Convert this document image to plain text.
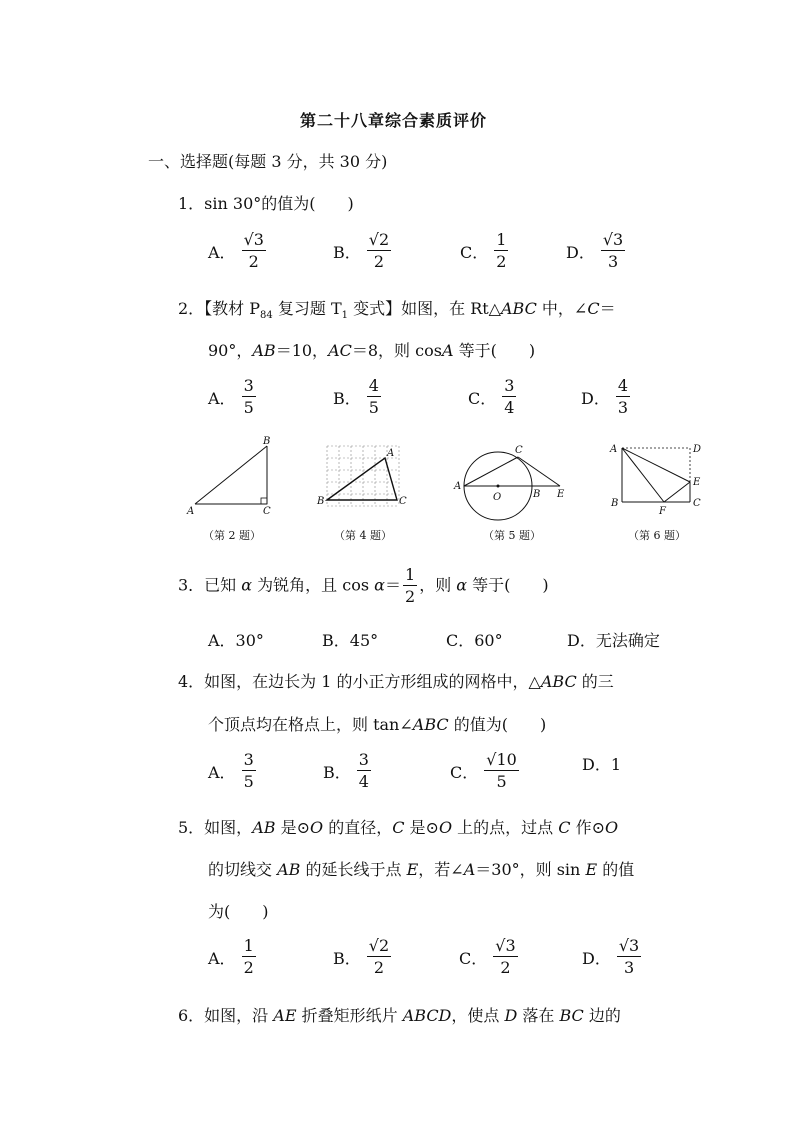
第二十八章综合素质评价
一、选择题(每题 3 分，共 30 分)
1．sin 30°的值为(　　)
A． $\frac{√3}{2}$	B． $\frac{√2}{2}$	C． $\frac{1}{2}$	D． $\frac{√3}{3}$
2．【教材 $P_{84}$ 复习题 $T_1$ 变式】如图，在 Rt△ABC 中，∠C＝
90°，AB＝10，AC＝8，则 cosA 等于(　　)
A． $\frac{3}{5}$	B． $\frac{4}{5}$	C． $\frac{3}{4}$	D． $\frac{4}{3}$
A	C
B
（第 2 题）
B
A
C
（第 4 题）
A
O	B E
C
（第 5 题）
A	D
E
C
B
F
（第 6 题）
3．已知 α 为锐角，且 $\cos \alpha= \frac{1}{2}$ ，则 α 等于(　　)
A．30°	B．45°	C．60°	D．无法确定
4．如图，在边长为 1 的小正方形组成的网格中，△ABC 的三
个顶点均在格点上，则 tan∠ABC 的值为(　　)
A． $\frac{3}{5}$	B． $\frac{3}{4}$	C． $\frac{√10}{5}$	D．1
5．如图，AB 是⊙O 的直径，C 是⊙O 上的点，过点 C 作⊙O
的切线交 AB 的延长线于点 E，若∠A＝30°，则 sin E 的值
为(　　)
A． $\frac{1}{2}$	B． $\frac{√2}{2}$	C． $\frac{√3}{2}$	D． $\frac{√3}{3}$
6．如图，沿 AE 折叠矩形纸片 ABCD，使点 D 落在 BC 边的
